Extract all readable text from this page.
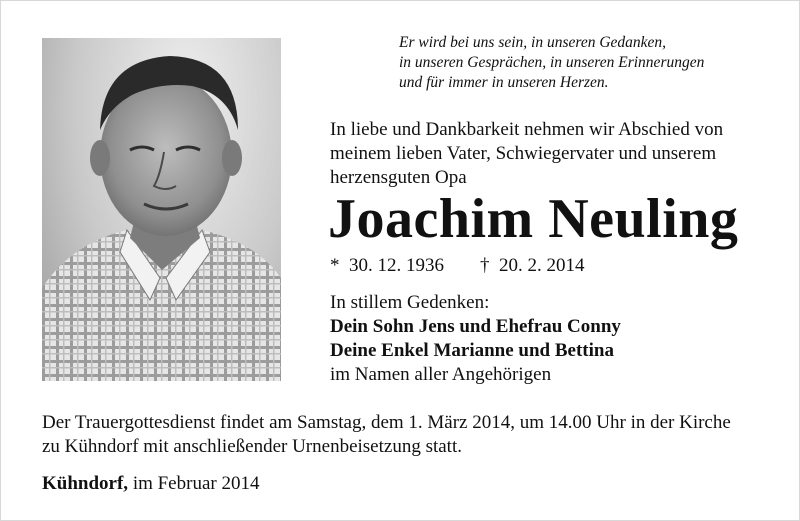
Er wird bei uns sein, in unseren Gedanken,
in unseren Gesprächen, in unseren Erinnerungen
und für immer in unseren Herzen.
In liebe und Dankbarkeit nehmen wir Abschied von
meinem lieben Vater, Schwiegervater und unserem
herzensguten Opa
Joachim Neuling
* 30. 12. 1936 † 20. 2. 2014
In stillem Gedenken:
Dein Sohn Jens und Ehefrau Conny
Deine Enkel Marianne und Bettina
im Namen aller Angehörigen
Der Trauergottesdienst findet am Samstag, dem 1. März 2014, um 14.00 Uhr in der Kirche
zu Kühndorf mit anschließender Urnenbeisetzung statt.
Kühndorf, im Februar 2014
